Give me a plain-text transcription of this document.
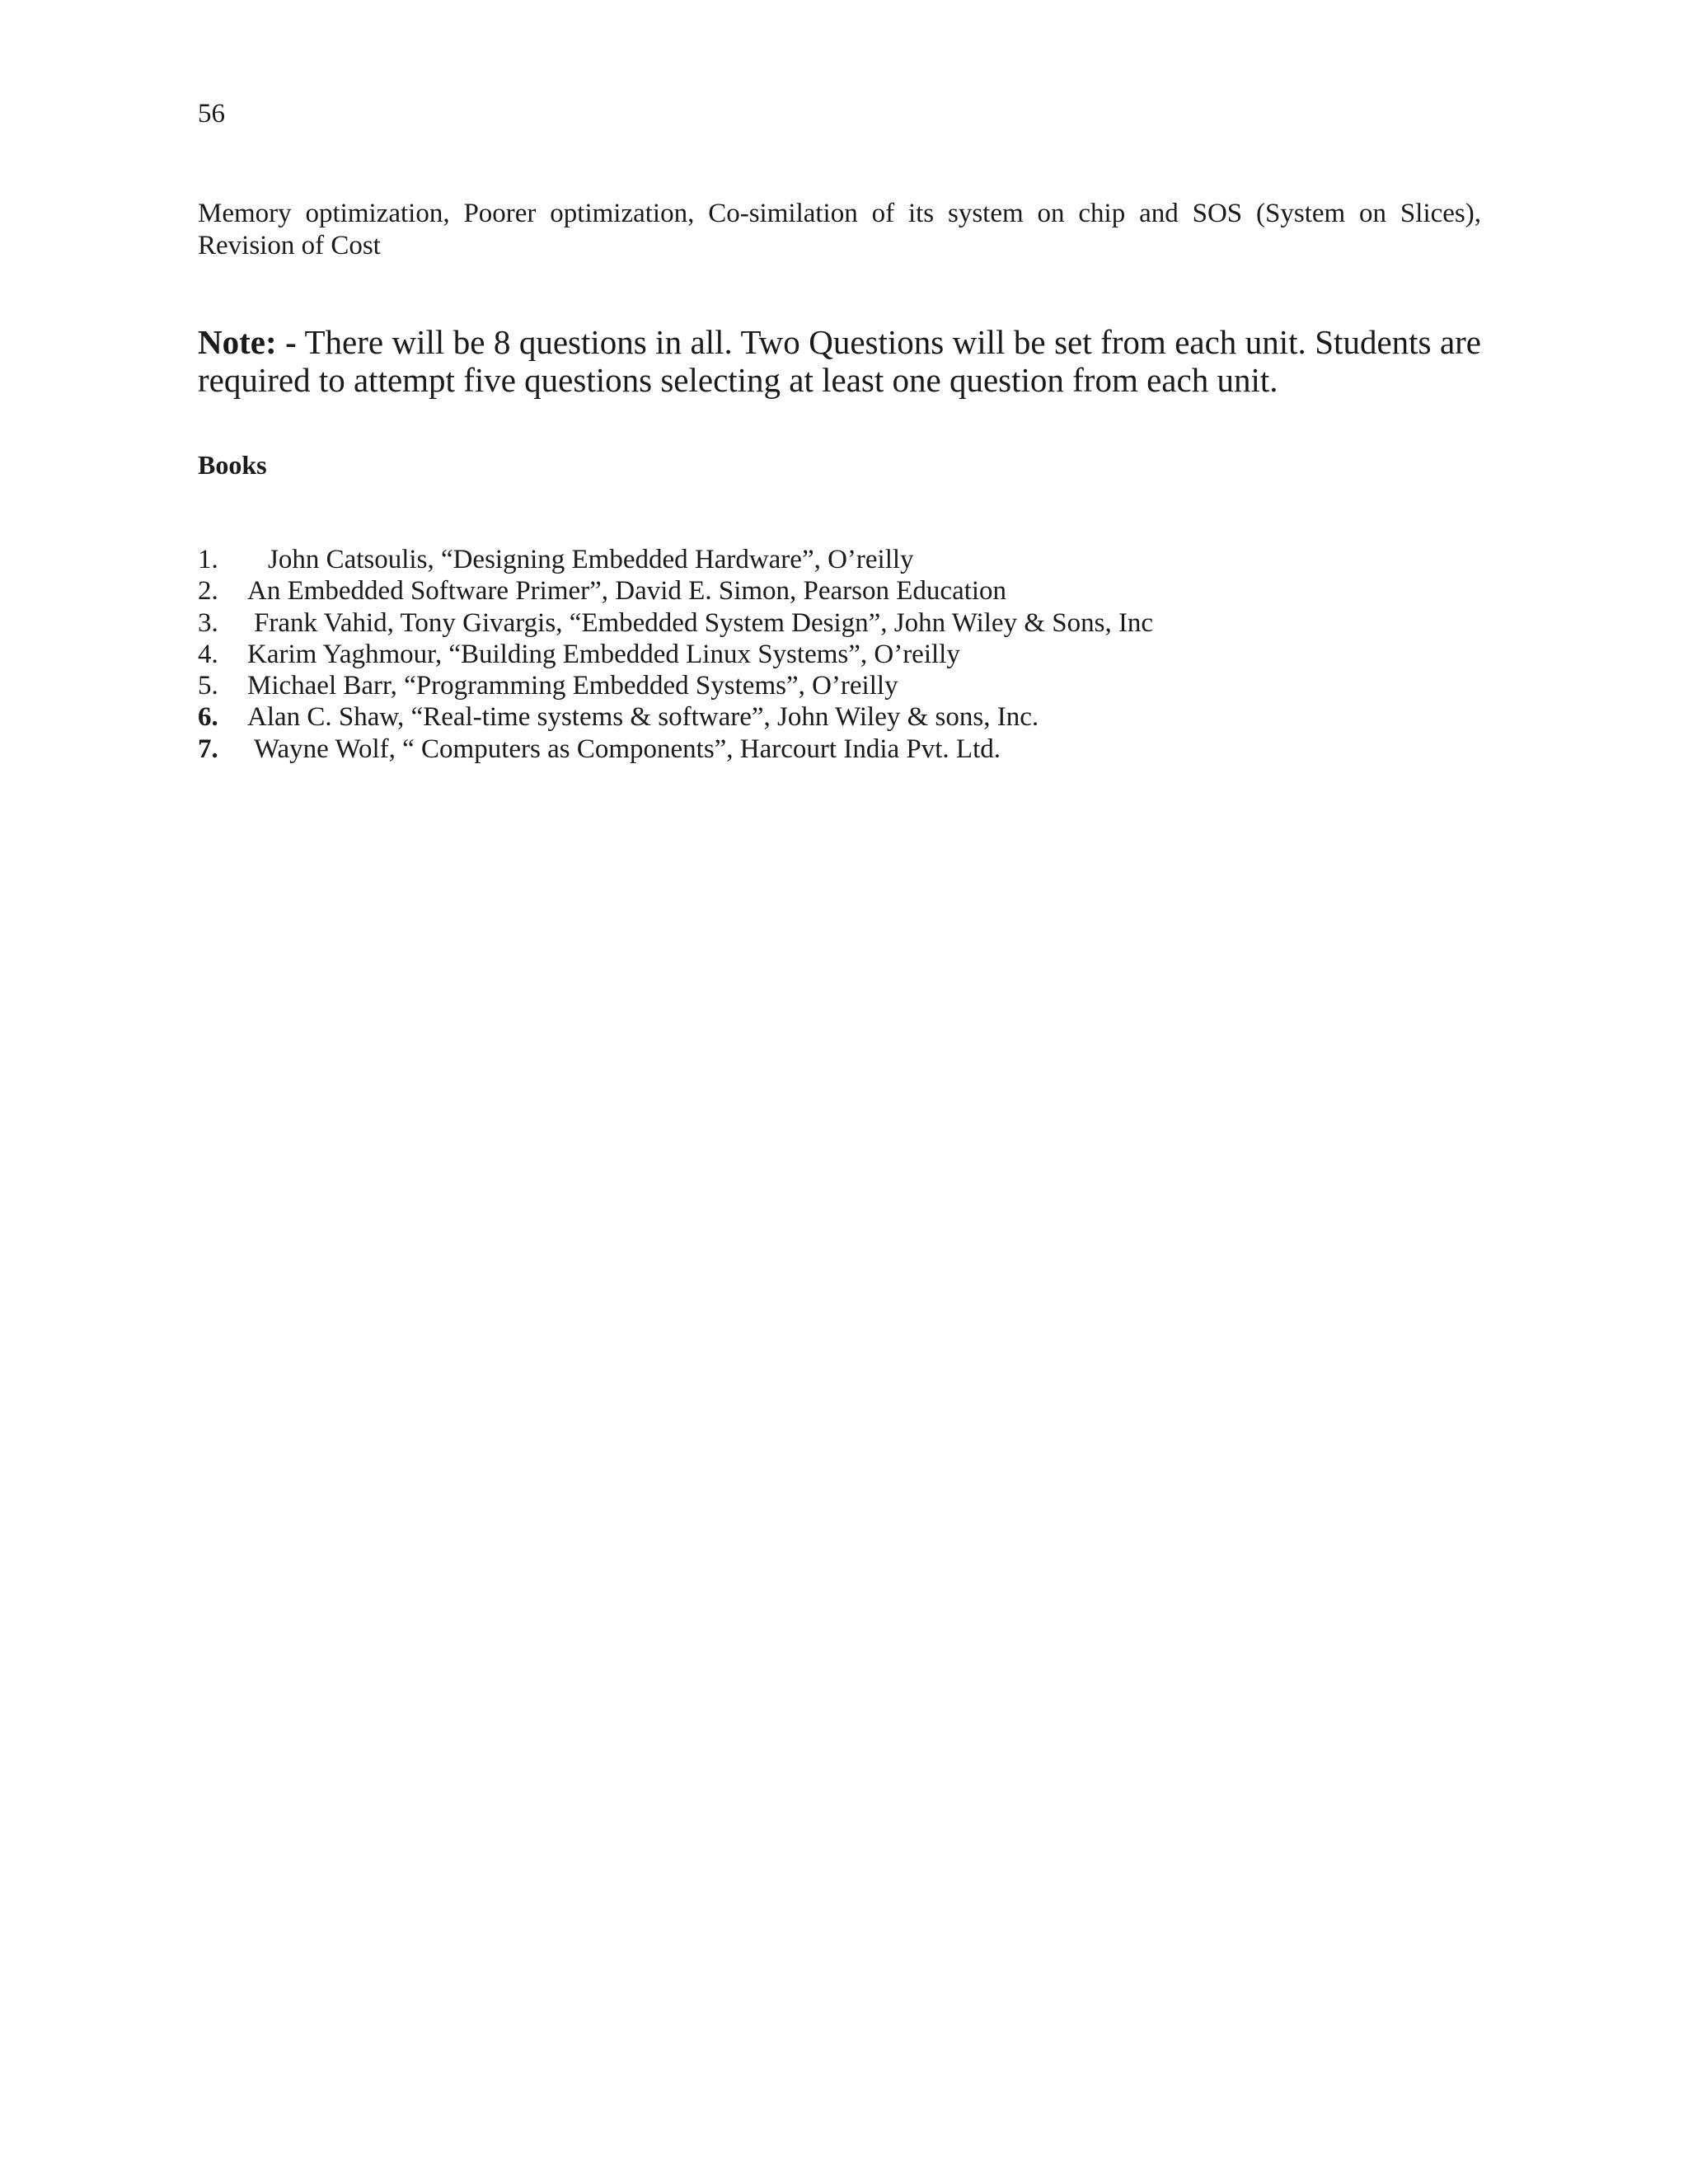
56
Memory optimization, Poorer optimization, Co-similation of its system on chip and SOS (System on Slices), Revision of Cost
Note: - There will be 8 questions in all. Two Questions will be set from each unit. Students are required to attempt five questions selecting at least one question from each unit.
Books
1. John Catsoulis, “Designing Embedded Hardware”, O’reilly
2. An Embedded Software Primer”, David E. Simon, Pearson Education
3. Frank Vahid, Tony Givargis, “Embedded System Design”, John Wiley & Sons, Inc
4. Karim Yaghmour, “Building Embedded Linux Systems”, O’reilly
5. Michael Barr, “Programming Embedded Systems”, O’reilly
6. Alan C. Shaw, “Real-time systems & software”, John Wiley & sons, Inc.
7. Wayne Wolf, “ Computers as Components”, Harcourt India Pvt. Ltd.
